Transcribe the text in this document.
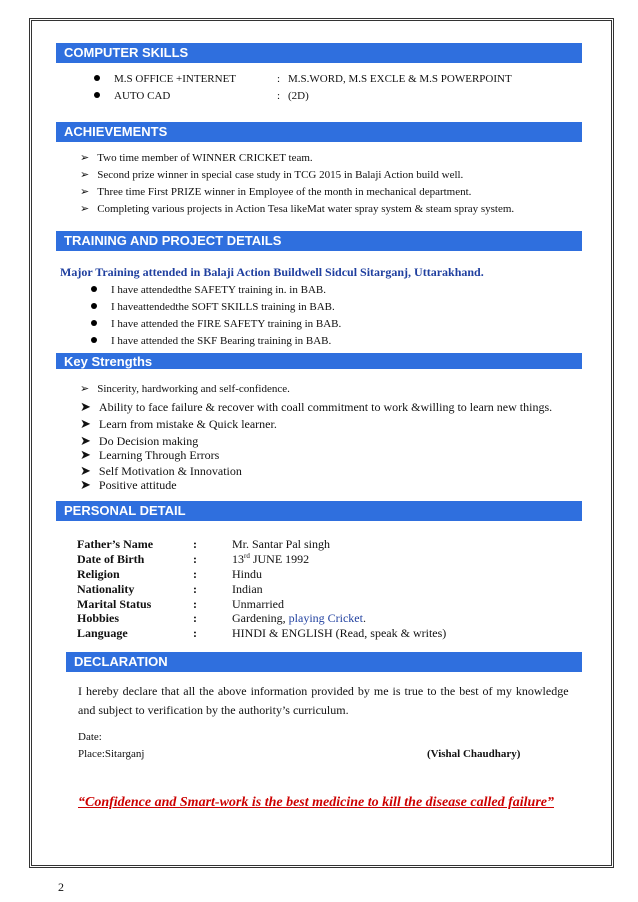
COMPUTER SKILLS
M.S OFFICE +INTERNET	: M.S.WORD, M.S EXCLE & M.S POWERPOINT
AUTO CAD	: (2D)
ACHIEVEMENTS
➢ Two time member of WINNER CRICKET team.
➢ Second prize winner in special case study in TCG 2015 in Balaji Action build well.
➢ Three time First PRIZE winner in Employee of the month in mechanical department.
➢ Completing various projects in Action Tesa likeMat water spray system & steam spray system.
TRAINING AND PROJECT DETAILS
Major Training attended in Balaji Action Buildwell Sidcul Sitarganj, Uttarakhand.
I have attendedthe SAFETY training in. in BAB.
I haveattendedthe SOFT SKILLS training in BAB.
I have attended the FIRE SAFETY training in BAB.
I have attended the SKF Bearing training in BAB.
Key Strengths
➢ Sincerity, hardworking and self-confidence.
➤ Ability to face failure & recover with coall commitment to work &willing to learn new things.
➤ Learn from mistake & Quick learner.
➤ Do Decision making
➤ Learning Through Errors
➤ Self Motivation & Innovation
➤ Positive attitude
PERSONAL DETAIL
Father’s Name	:	Mr. Santar Pal singh
Date of Birth	:	13rd JUNE 1992
Religion	:	Hindu
Nationality	:	Indian
Marital Status	:	Unmarried
Hobbies	:	Gardening, playing Cricket.
Language	:	HINDI & ENGLISH (Read, speak & writes)
DECLARATION
I hereby declare that all the above information provided by me is true to the best of my knowledge
and subject to verification by the authority’s curriculum.
Date:
Place:Sitarganj	(Vishal Chaudhary)
“Confidence and Smart-work is the best medicine to kill the disease called failure”
2
